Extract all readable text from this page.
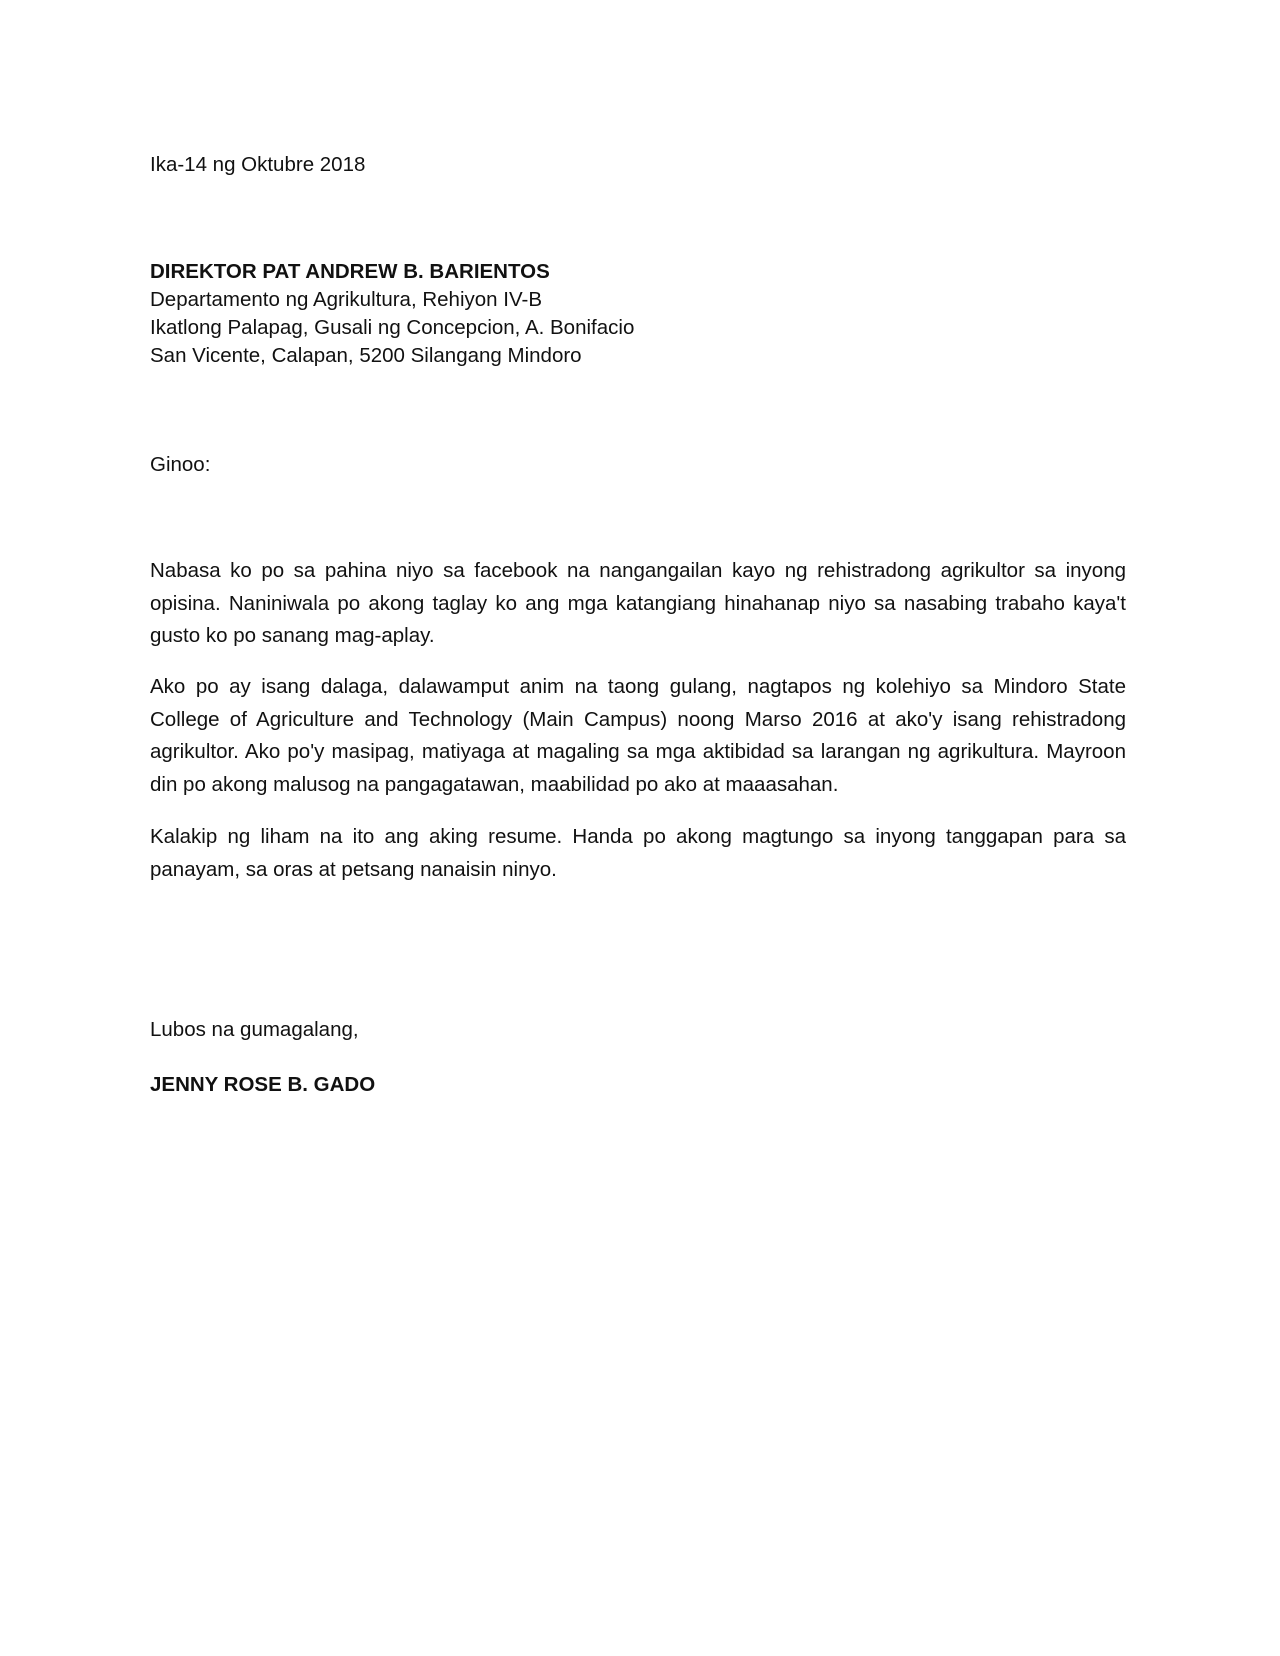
Ika-14 ng Oktubre 2018
DIREKTOR PAT ANDREW B. BARIENTOS
Departamento ng Agrikultura, Rehiyon IV-B
Ikatlong Palapag, Gusali ng Concepcion, A. Bonifacio
San Vicente, Calapan, 5200 Silangang Mindoro
Ginoo:
Nabasa ko po sa pahina niyo sa facebook na nangangailan kayo ng rehistradong agrikultor sa inyong opisina. Naniniwala po akong taglay ko ang mga katangiang hinahanap niyo sa nasabing trabaho kaya't gusto ko po sanang mag-aplay.
Ako po ay isang dalaga, dalawamput anim na taong gulang, nagtapos ng kolehiyo sa Mindoro State College of Agriculture and Technology (Main Campus) noong Marso 2016 at ako'y isang rehistradong agrikultor. Ako po'y masipag, matiyaga at magaling sa mga aktibidad sa larangan ng agrikultura. Mayroon din po akong malusog na pangagatawan, maabilidad po ako at maaasahan.
Kalakip ng liham na ito ang aking resume. Handa po akong magtungo sa inyong tanggapan para sa panayam, sa oras at petsang nanaisin ninyo.
Lubos na gumagalang,
JENNY ROSE B. GADO
